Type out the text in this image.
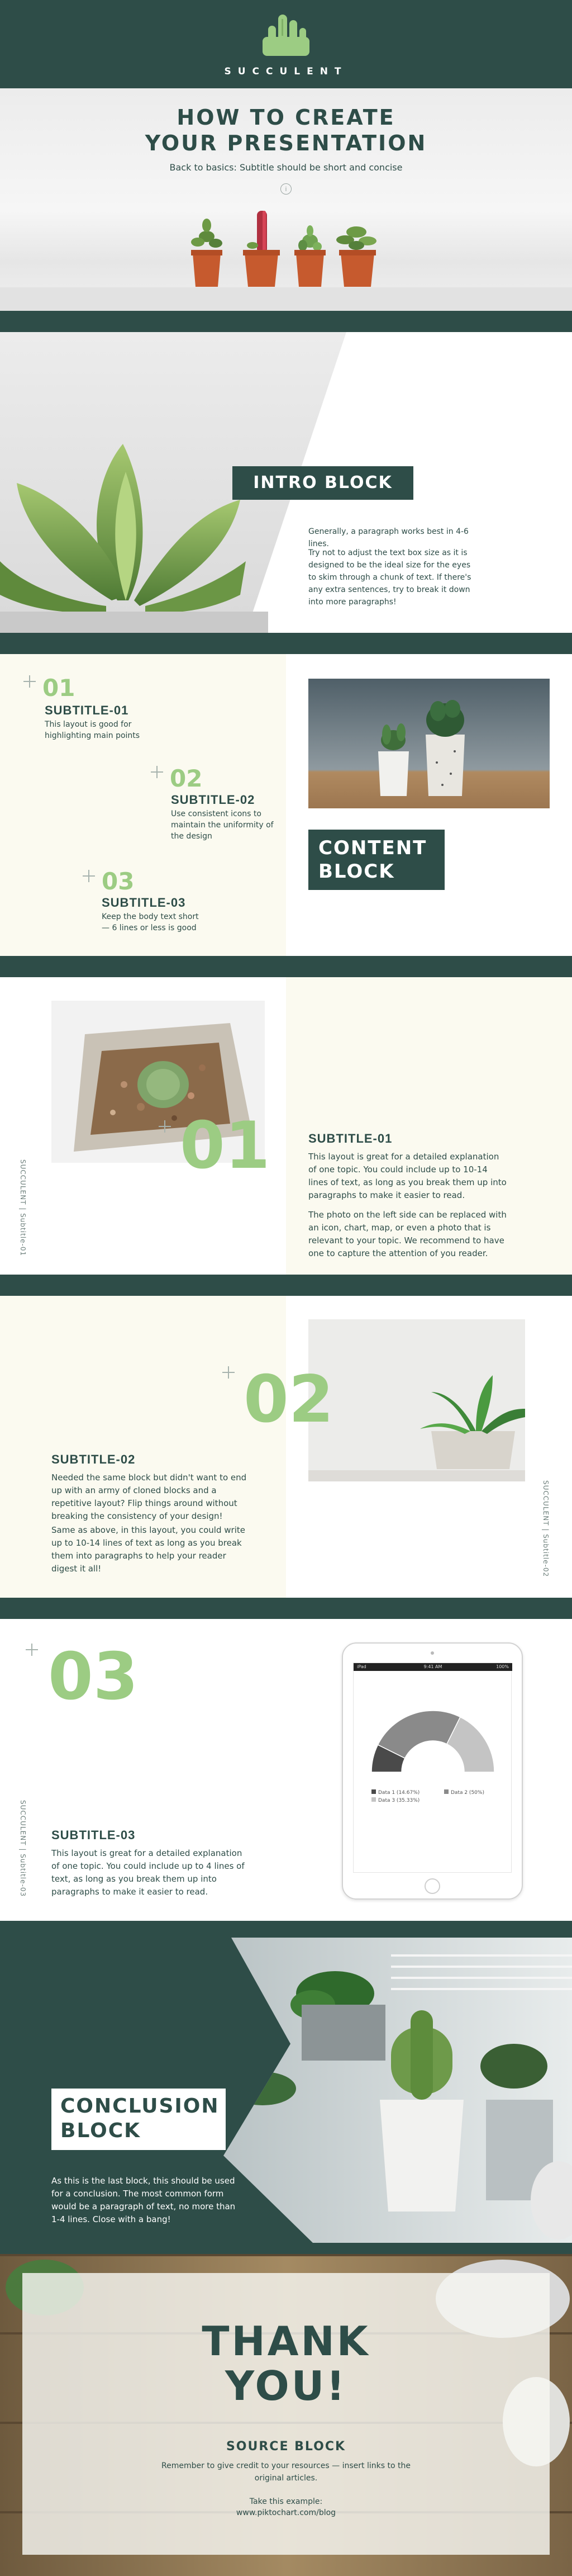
SUCCULENT
HOW TO CREATE
YOUR PRESENTATION
Back to basics: Subtitle should be short and concise
i
INTRO BLOCK
Generally, a paragraph works best in 4-6 lines.
Try not to adjust the text box size as it is designed to be the ideal size for the eyes to skim through a chunk of text. If there's any extra sentences, try to break it down into more paragraphs!
01
SUBTITLE-01
This layout is good for highlighting main points
02
SUBTITLE-02
Use consistent icons to maintain the uniformity of the design
03
SUBTITLE-03
Keep the body text short — 6 lines or less is good
CONTENT
BLOCK
SUCCULENT | Subtitle-01
01	SUBTITLE-01
This layout is great for a detailed explanation of one topic. You could include up to 10-14 lines of text, as long as you break them up into paragraphs to make it easier to read.
The photo on the left side can be replaced with an icon, chart, map, or even a photo that is relevant to your topic. We recommend to have one to capture the attention of you reader.
02
SUBTITLE-02
Needed the same block but didn't want to end up with an army of cloned blocks and a repetitive layout? Flip things around without breaking the consistency of your design!
Same as above, in this layout, you could write up to 10-14 lines of text as long as you break them into paragraphs to help your reader digest it all!	SUCCULENT | Subtitle-02
03
SUCCULENT | Subtitle-03 SUBTITLE-03
This layout is great for a detailed explanation of one topic. You could include up to 4 lines of text, as long as you break them up into paragraphs to make it easier to read.
iPad	9:41 AM	100%
Data 1 (14.67%)	Data 2 (50%)
Data 3 (35.33%)
CONCLUSION
BLOCK
As this is the last block, this should be used for a conclusion. The most common form would be a paragraph of text, no more than 1-4 lines. Close with a bang!
THANK
YOU!
SOURCE BLOCK
Remember to give credit to your resources — insert links to the original articles.
Take this example:
www.piktochart.com/blog
